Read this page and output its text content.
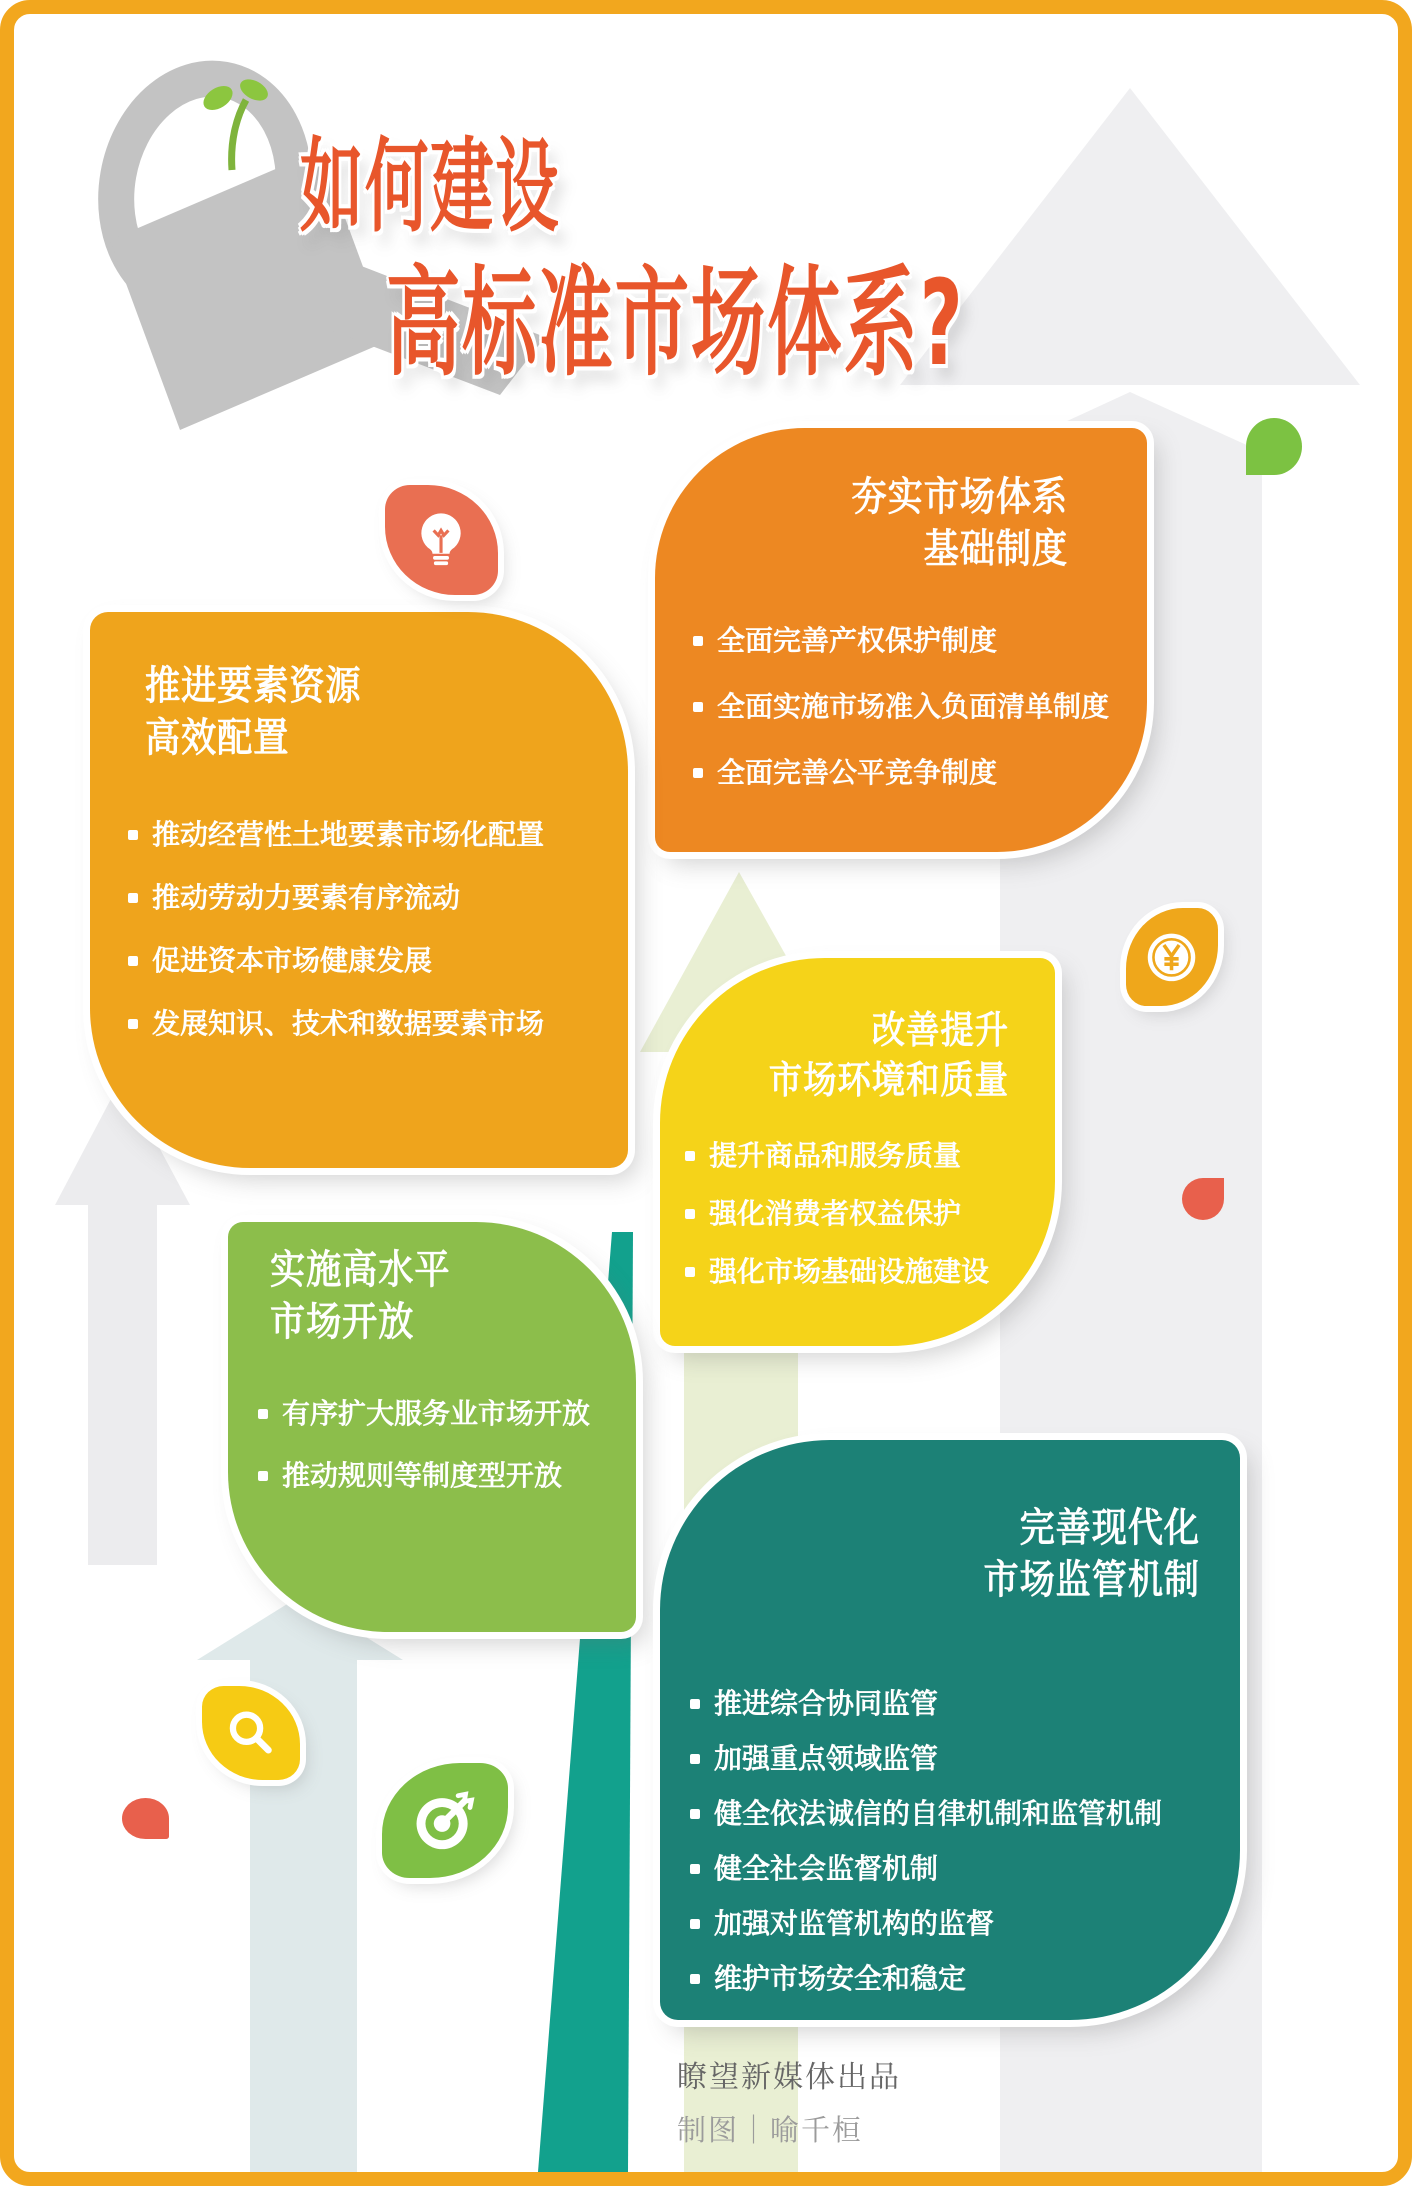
如何建设
高标准市场体系?
夯实市场体系
基础制度
全面完善产权保护制度
全面实施市场准入负面清单制度
全面完善公平竞争制度
推进要素资源
高效配置
推动经营性土地要素市场化配置
推动劳动力要素有序流动
促进资本市场健康发展
发展知识、技术和数据要素市场	改善提升
市场环境和质量
提升商品和服务质量
强化消费者权益保护
强化市场基础设施建设
实施高水平
市场开放
有序扩大服务业市场开放
推动规则等制度型开放
完善现代化
市场监管机制
推进综合协同监管
加强重点领域监管
健全依法诚信的自律机制和监管机制
健全社会监督机制
加强对监管机构的监督
维护市场安全和稳定
瞭望新媒体出品
制图｜喻千桓
